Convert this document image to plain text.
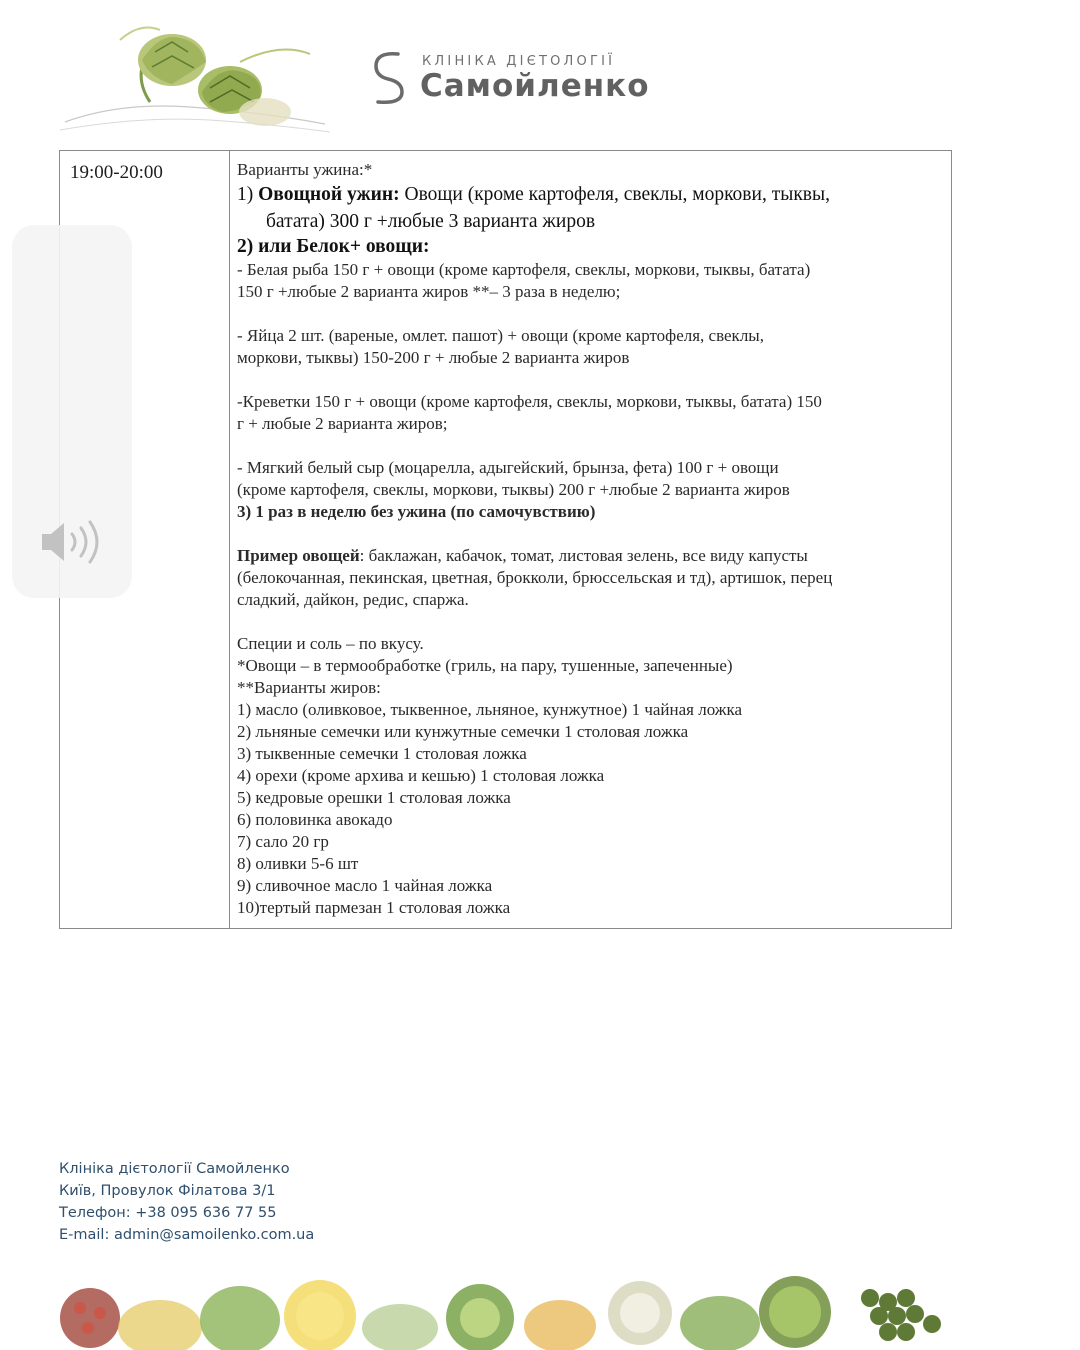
КЛІНІКА ДІЄТОЛОГІЇ
Самойленко
19:00-20:00	Варианты ужина:*
1) Овощной ужин: Овощи (кроме картофеля, свеклы, моркови, тыквы,
батата) 300 г +любые 3 варианта жиров
2) или Белок+ овощи:
- Белая рыба 150 г + овощи (кроме картофеля, свеклы, моркови, тыквы, батата)
150 г +любые 2 варианта жиров **– 3 раза в неделю;
- Яйца 2 шт. (вареные, омлет. пашот) + овощи (кроме картофеля, свеклы,
моркови, тыквы) 150-200 г + любые 2 варианта жиров
-Креветки 150 г + овощи (кроме картофеля, свеклы, моркови, тыквы, батата) 150
г + любые 2 варианта жиров;
- Мягкий белый сыр (моцарелла, адыгейский, брынза, фета) 100 г + овощи
(кроме картофеля, свеклы, моркови, тыквы) 200 г +любые 2 варианта жиров
3) 1 раз в неделю без ужина (по самочувствию)
Пример овощей: баклажан, кабачок, томат, листовая зелень, все виду капусты
(белокочанная, пекинская, цветная, брокколи, брюссельская и тд), артишок, перец
сладкий, дайкон, редис, спаржа.
Специи и соль – по вкусу.
*Овощи – в термообработке (гриль, на пару, тушенные, запеченные)
**Варианты жиров:
1) масло (оливковое, тыквенное, льняное, кунжутное) 1 чайная ложка
2) льняные семечки или кунжутные семечки 1 столовая ложка
3) тыквенные семечки 1 столовая ложка
4) орехи (кроме архива и кешью) 1 столовая ложка
5) кедровые орешки 1 столовая ложка
6) половинка авокадо
7) сало 20 гр
8) оливки 5-6 шт
9) сливочное масло 1 чайная ложка
10)тертый пармезан 1 столовая ложка
Клініка дієтології Самойленко
Київ, Провулок Філатова 3/1
Телефон: +38 095 636 77 55
E-mail: admin@samoilenko.com.ua
